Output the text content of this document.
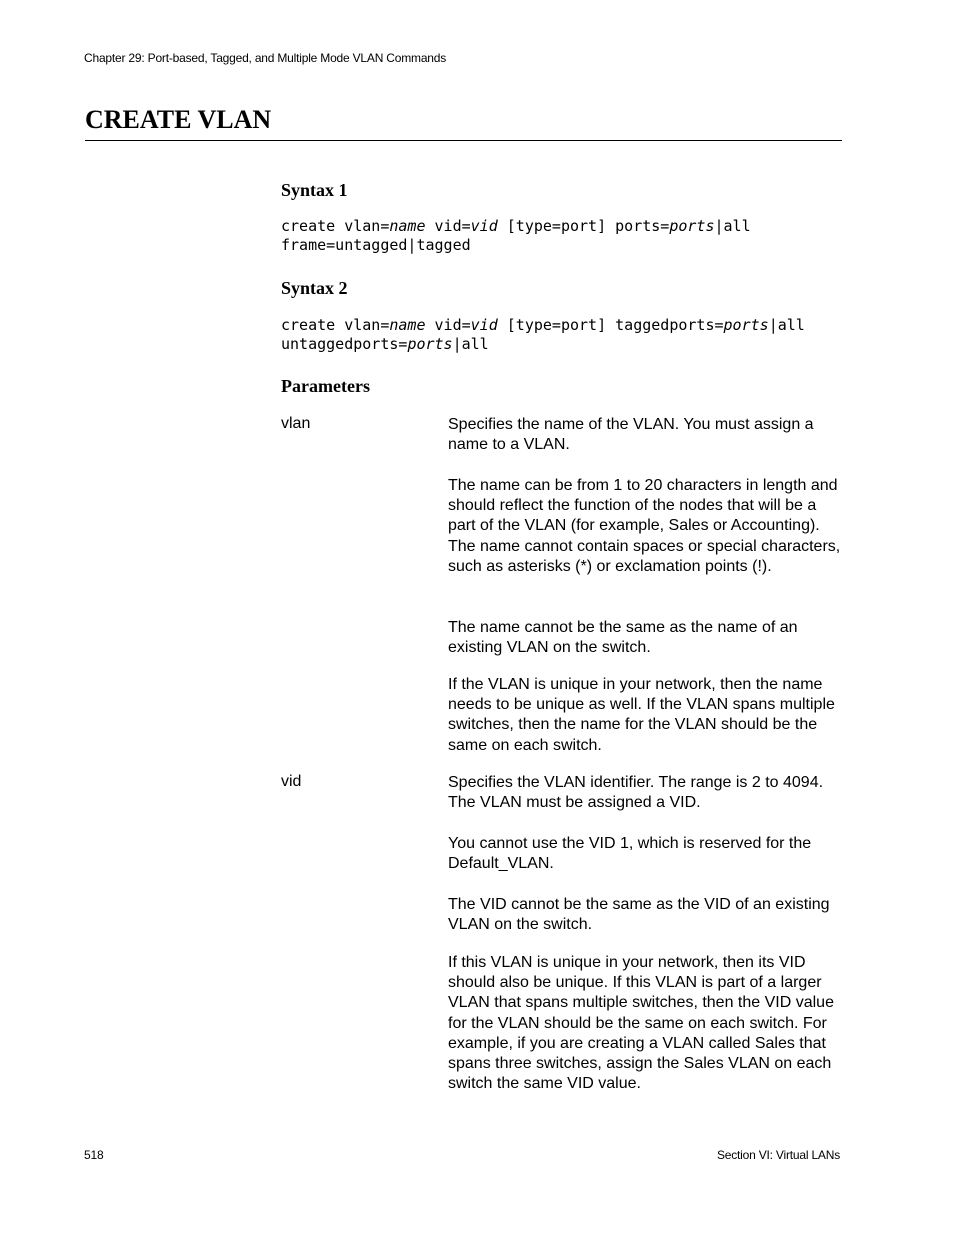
Chapter 29: Port-based, Tagged, and Multiple Mode VLAN Commands
CREATE VLAN
Syntax 1
create vlan=name vid=vid [type=port] ports=ports|all
frame=untagged|tagged
Syntax 2
create vlan=name vid=vid [type=port] taggedports=ports|all
untaggedports=ports|all
Parameters
vlan	Specifies the name of the VLAN. You must assign a name to a VLAN.
The name can be from 1 to 20 characters in length and should reflect the function of the nodes that will be a part of the VLAN (for example, Sales or Accounting). The name cannot contain spaces or special characters, such as asterisks (*) or exclamation points (!).
The name cannot be the same as the name of an existing VLAN on the switch.
If the VLAN is unique in your network, then the name needs to be unique as well. If the VLAN spans multiple switches, then the name for the VLAN should be the same on each switch.
vid	Specifies the VLAN identifier. The range is 2 to 4094. The VLAN must be assigned a VID.
You cannot use the VID 1, which is reserved for the Default_VLAN.
The VID cannot be the same as the VID of an existing VLAN on the switch.
If this VLAN is unique in your network, then its VID should also be unique. If this VLAN is part of a larger VLAN that spans multiple switches, then the VID value for the VLAN should be the same on each switch. For example, if you are creating a VLAN called Sales that spans three switches, assign the Sales VLAN on each switch the same VID value.
518	Section VI: Virtual LANs
